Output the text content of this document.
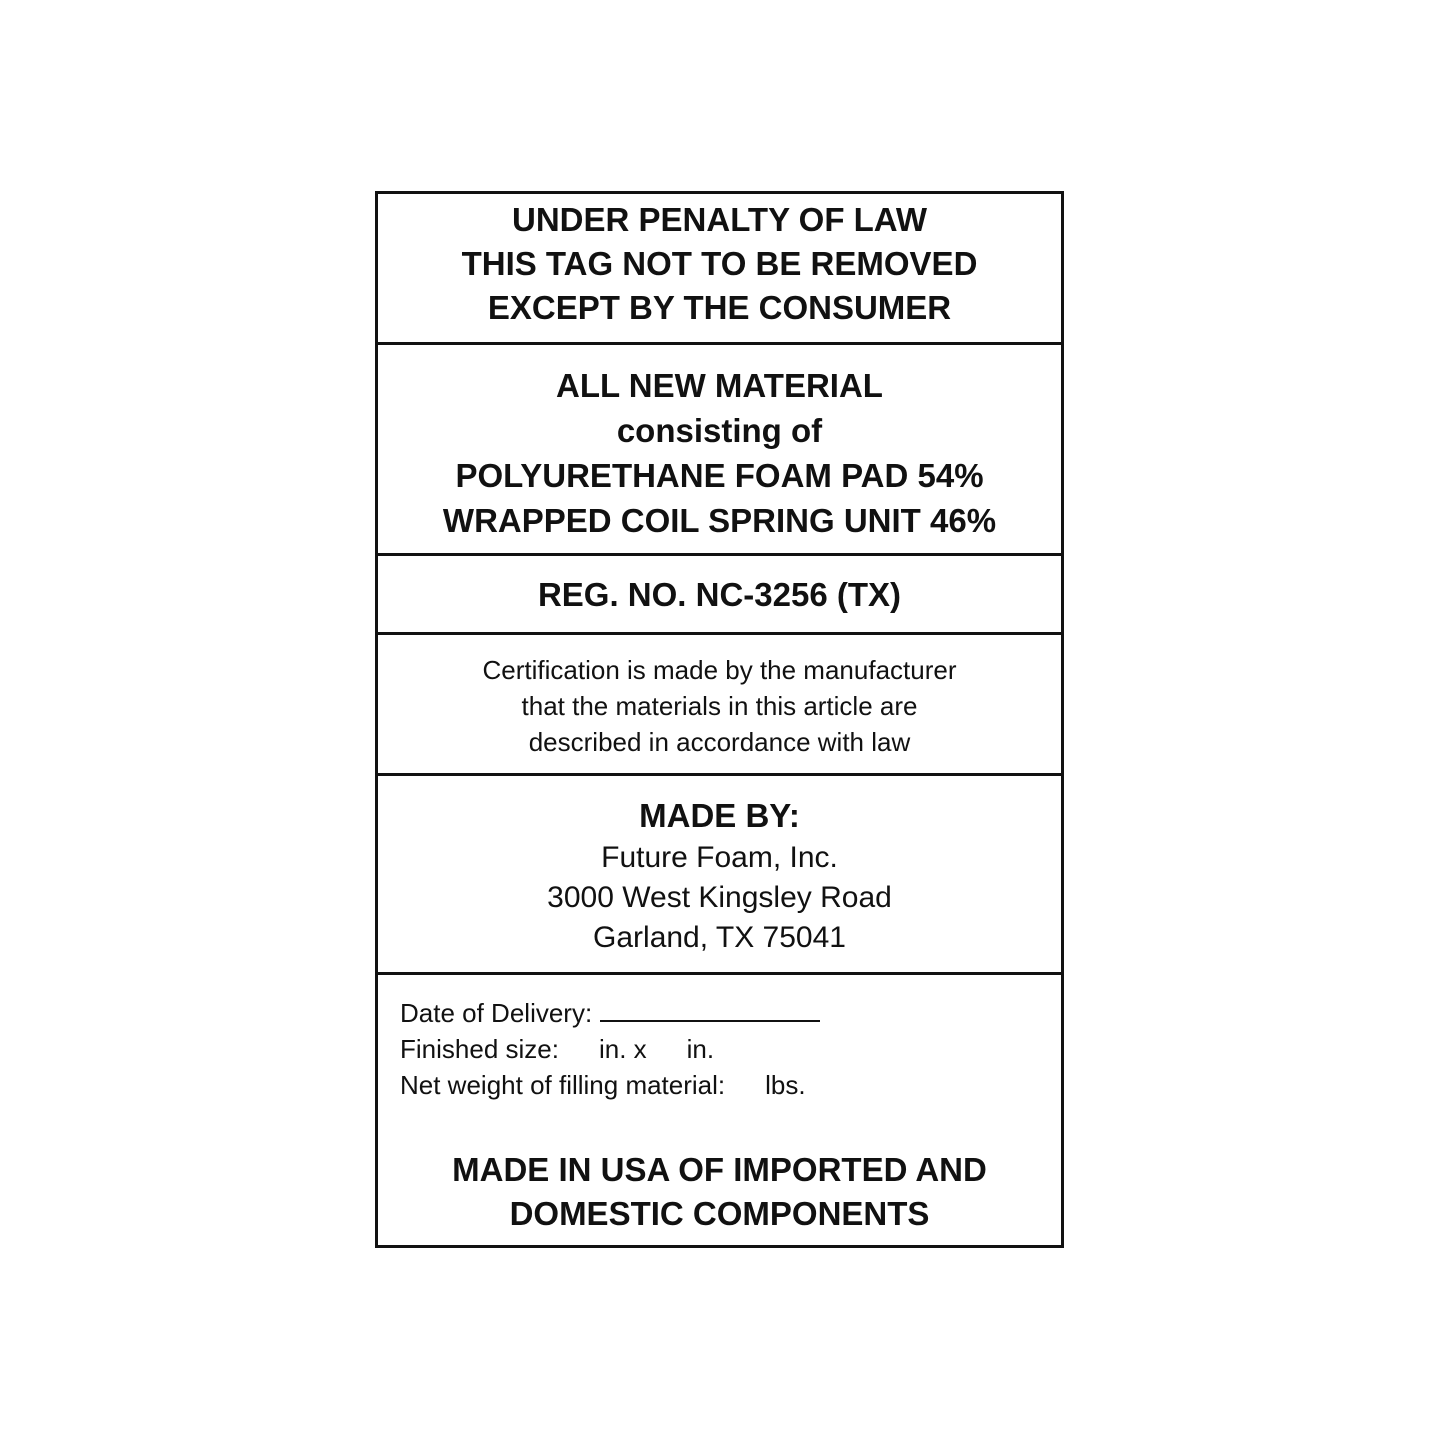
UNDER PENALTY OF LAW
THIS TAG NOT TO BE REMOVED
EXCEPT BY THE CONSUMER
ALL NEW MATERIAL
consisting of
POLYURETHANE FOAM PAD 54%
WRAPPED COIL SPRING UNIT 46%
REG. NO. NC-3256 (TX)
Certification is made by the manufacturer
that the materials in this article are
described in accordance with law
MADE BY:
Future Foam, Inc.
3000 West Kingsley Road
Garland, TX 75041
Date of Delivery:
Finished size: in. x in.
Net weight of filling material: lbs.
MADE IN USA OF IMPORTED AND
DOMESTIC COMPONENTS
